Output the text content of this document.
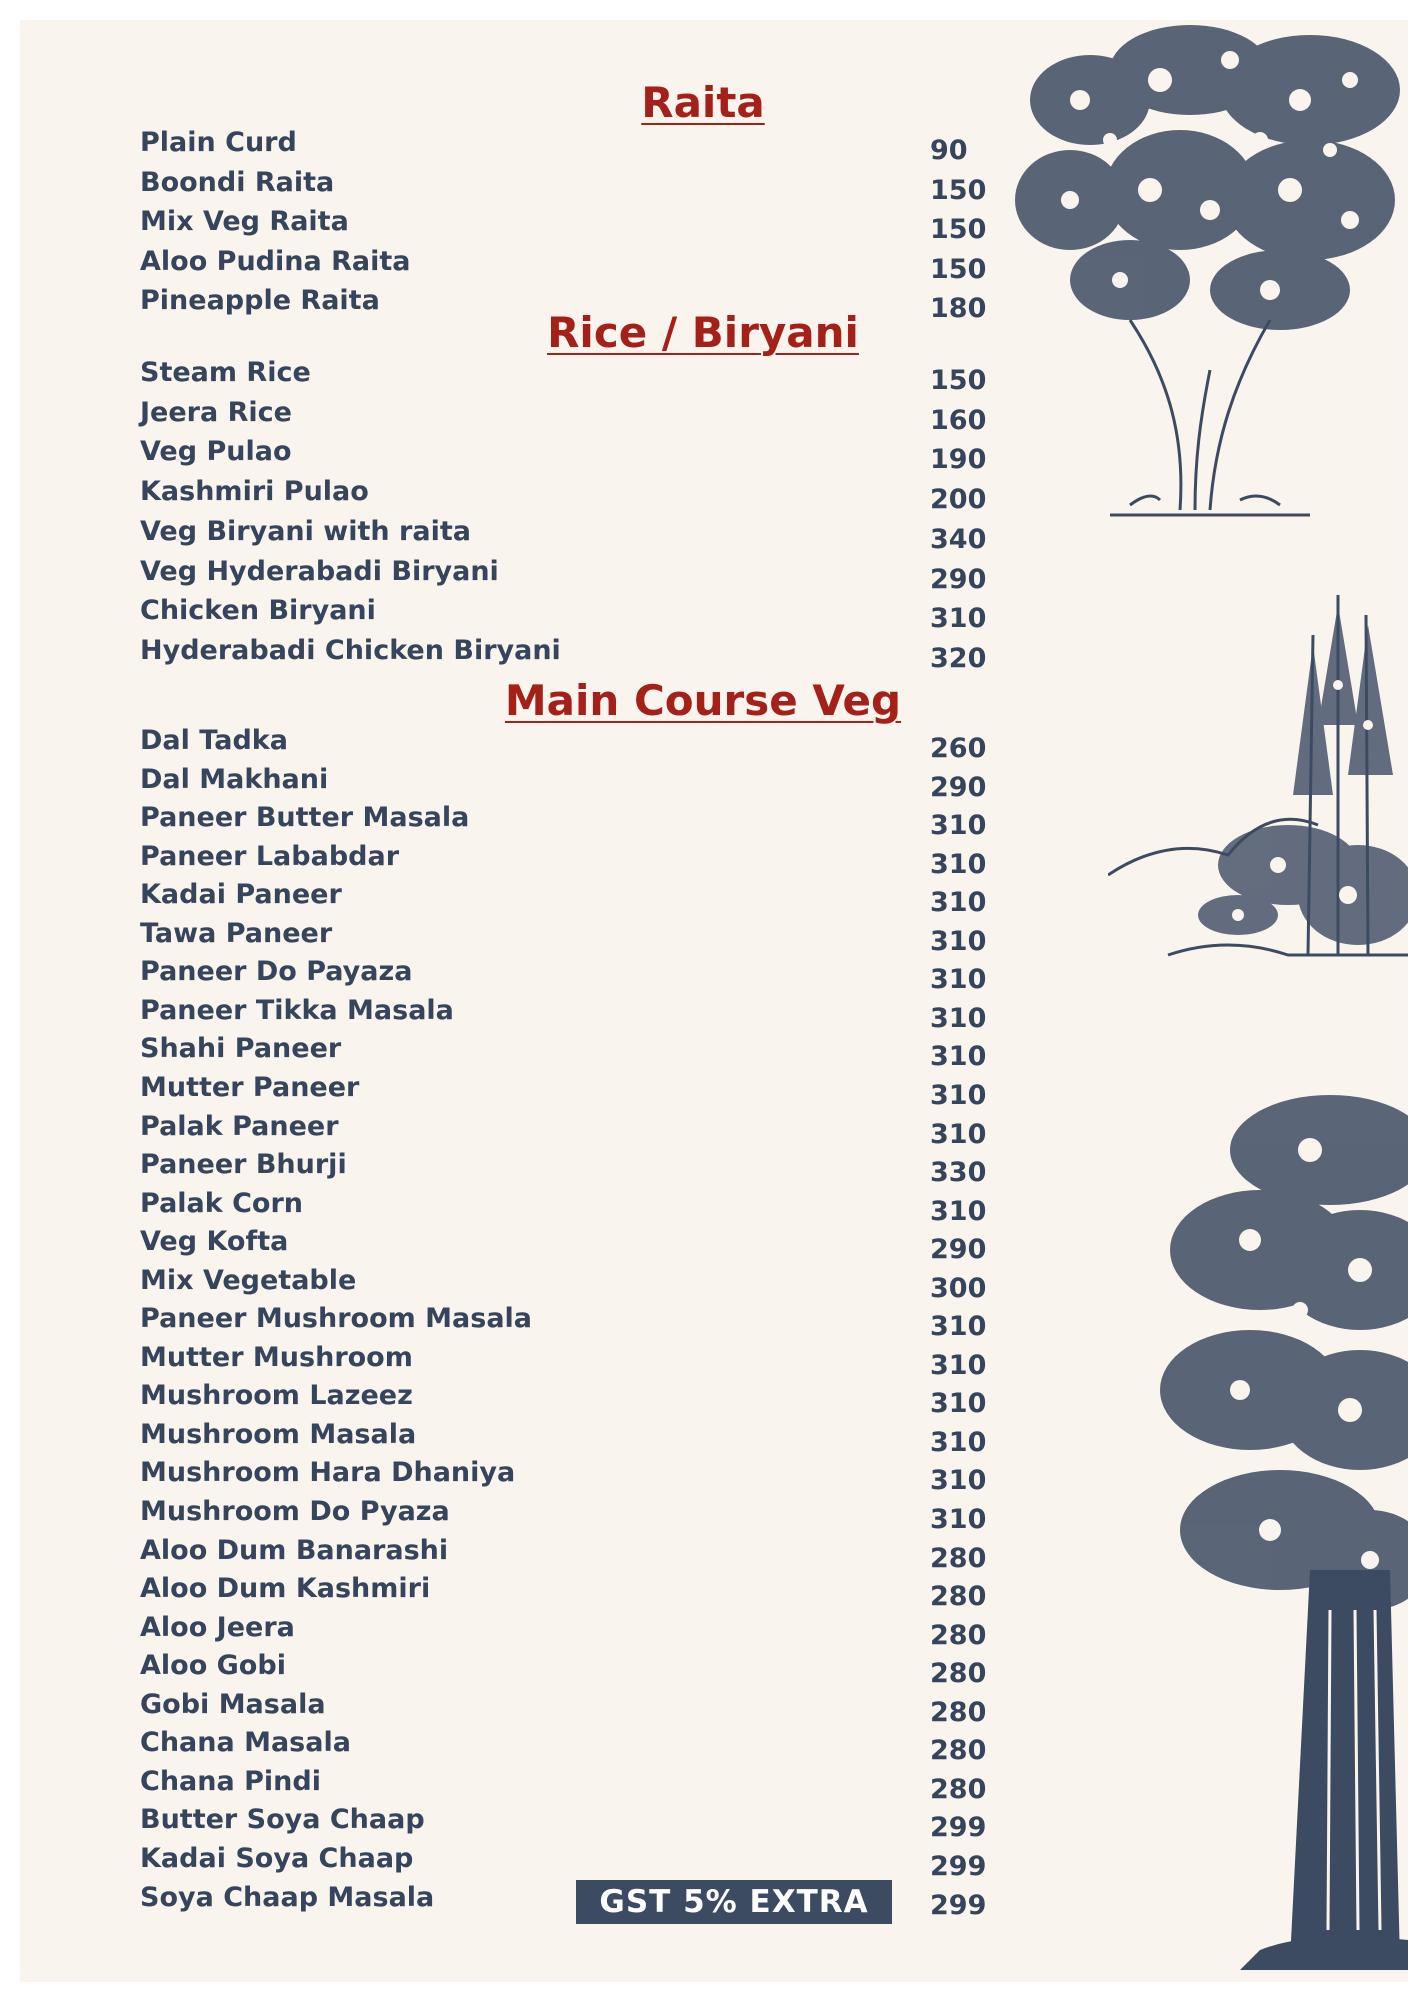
Raita
Plain Curd	90
Boondi Raita	150
Mix Veg Raita	150
Aloo Pudina Raita	150
Pineapple Raita	180
Rice / Biryani
Steam Rice	150
Jeera Rice	160
Veg Pulao	190
Kashmiri Pulao	200
Veg Biryani with raita	340
Veg Hyderabadi Biryani	290
Chicken Biryani	310
Hyderabadi Chicken Biryani	320
Main Course Veg
Dal Tadka	260
Dal Makhani	290
Paneer Butter Masala	310
Paneer Lababdar	310
Kadai Paneer	310
Tawa Paneer	310
Paneer Do Payaza	310
Paneer Tikka Masala	310
Shahi Paneer	310
Mutter Paneer	310
Palak Paneer	310
Paneer Bhurji	330
Palak Corn	310
Veg Kofta	290
Mix Vegetable	300
Paneer Mushroom Masala	310
Mutter Mushroom	310
Mushroom Lazeez	310
Mushroom Masala	310
Mushroom Hara Dhaniya	310
Mushroom Do Pyaza	310
Aloo Dum Banarashi	280
Aloo Dum Kashmiri	280
Aloo Jeera	280
Aloo Gobi	280
Gobi Masala	280
Chana Masala	280
Chana Pindi	280
Butter Soya Chaap	299
Kadai Soya Chaap	299
Soya Chaap Masala	299
GST 5% EXTRA
